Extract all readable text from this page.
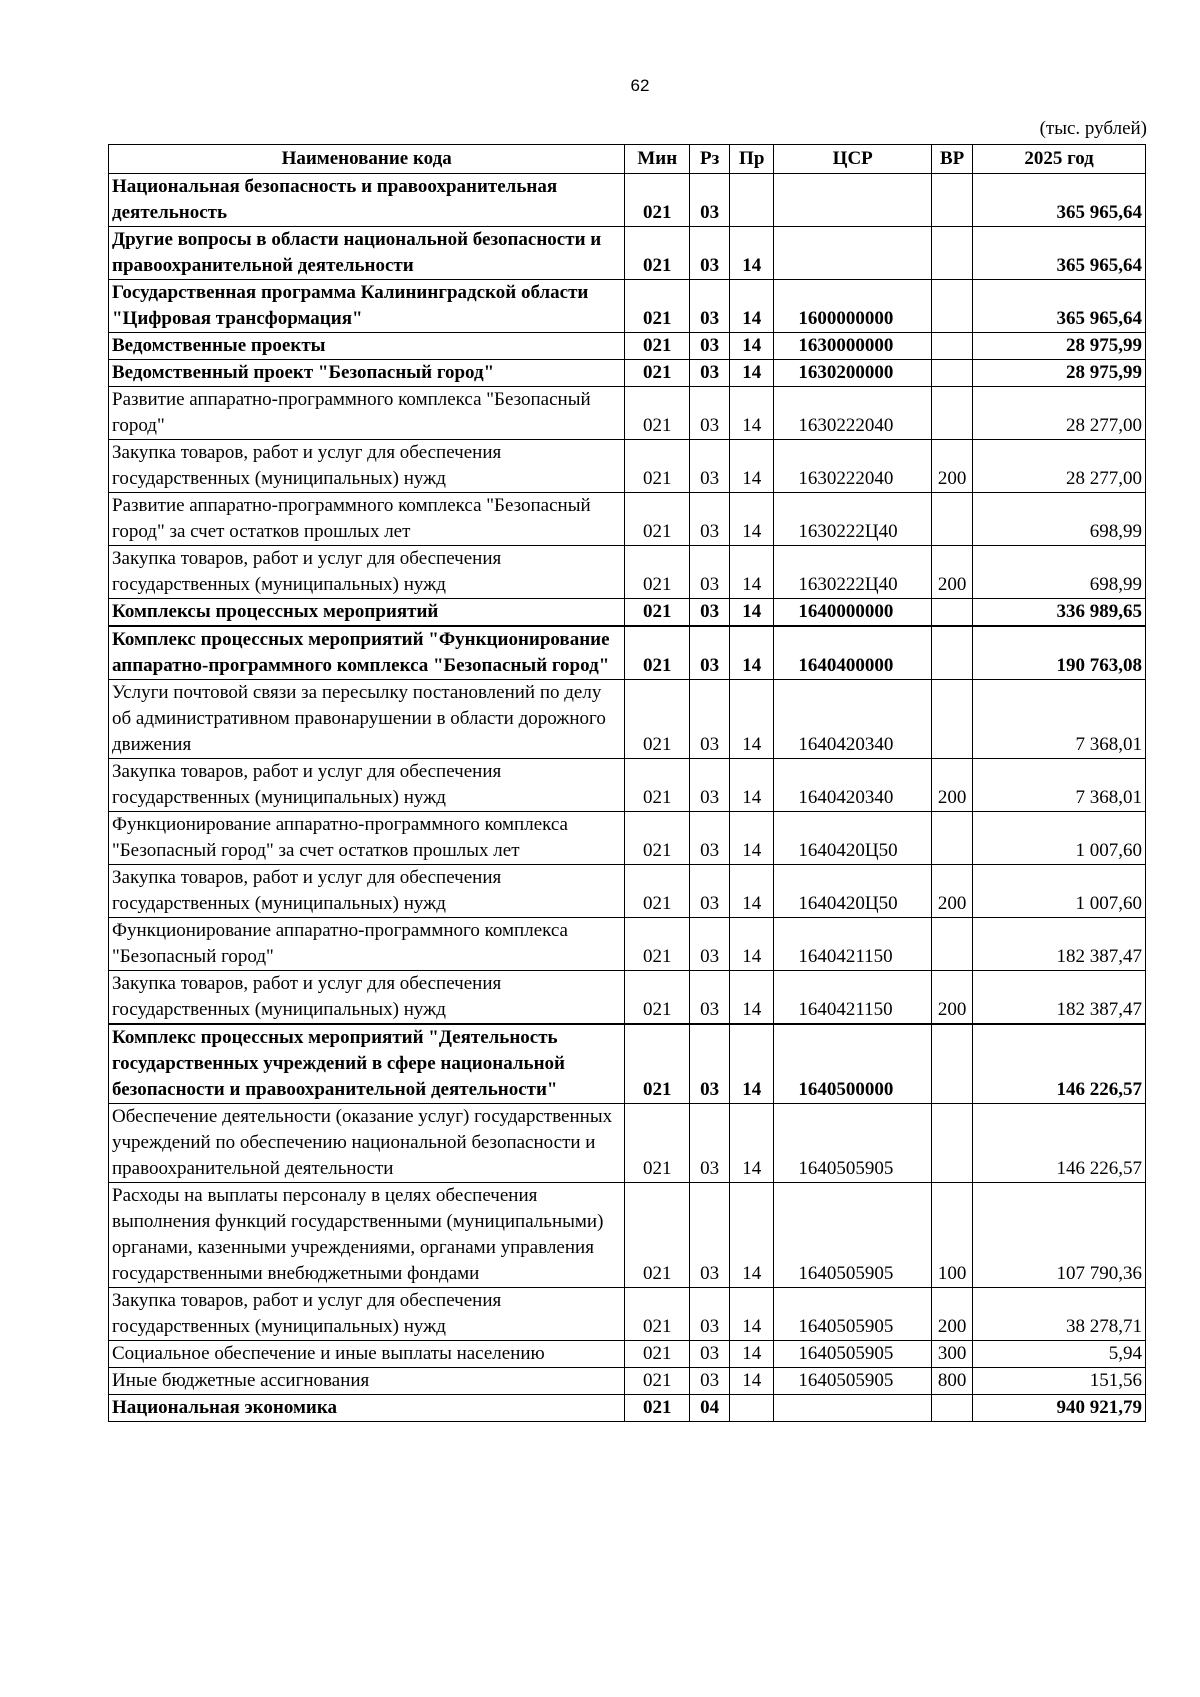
62
(тыс. рублей)
Наименование кода	Мин	Рз	Пр	ЦСР	ВР	2025 год
Национальная безопасность и правоохранительная деятельность	021	03				365 965,64
Другие вопросы в области национальной безопасности и правоохранительной деятельности	021	03	14			365 965,64
Государственная программа Калининградской области "Цифровая трансформация"	021	03	14	1600000000		365 965,64
Ведомственные проекты	021	03	14	1630000000		28 975,99
Ведомственный проект "Безопасный город"	021	03	14	1630200000		28 975,99
Развитие аппаратно-программного комплекса "Безопасный город"	021	03	14	1630222040		28 277,00
Закупка товаров, работ и услуг для обеспечения государственных (муниципальных) нужд	021	03	14	1630222040	200	28 277,00
Развитие аппаратно-программного комплекса "Безопасный город" за счет остатков прошлых лет	021	03	14	1630222Ц40		698,99
Закупка товаров, работ и услуг для обеспечения государственных (муниципальных) нужд	021	03	14	1630222Ц40	200	698,99
Комплексы процессных мероприятий	021	03	14	1640000000		336 989,65
Комплекс процессных мероприятий "Функционирование аппаратно-программного комплекса "Безопасный город"	021	03	14	1640400000		190 763,08
Услуги почтовой связи за пересылку постановлений по делу об административном правонарушении в области дорожного движения	021	03	14	1640420340		7 368,01
Закупка товаров, работ и услуг для обеспечения государственных (муниципальных) нужд	021	03	14	1640420340	200	7 368,01
Функционирование аппаратно-программного комплекса "Безопасный город" за счет остатков прошлых лет	021	03	14	1640420Ц50		1 007,60
Закупка товаров, работ и услуг для обеспечения государственных (муниципальных) нужд	021	03	14	1640420Ц50	200	1 007,60
Функционирование аппаратно-программного комплекса "Безопасный город"	021	03	14	1640421150		182 387,47
Закупка товаров, работ и услуг для обеспечения государственных (муниципальных) нужд	021	03	14	1640421150	200	182 387,47
Комплекс процессных мероприятий "Деятельность государственных учреждений в сфере национальной безопасности и правоохранительной деятельности"	021	03	14	1640500000		146 226,57
Обеспечение деятельности (оказание услуг) государственных учреждений по обеспечению национальной безопасности и правоохранительной деятельности	021	03	14	1640505905		146 226,57
Расходы на выплаты персоналу в целях обеспечения выполнения функций государственными (муниципальными) органами, казенными учреждениями, органами управления государственными внебюджетными фондами	021	03	14	1640505905	100	107 790,36
Закупка товаров, работ и услуг для обеспечения государственных (муниципальных) нужд	021	03	14	1640505905	200	38 278,71
Социальное обеспечение и иные выплаты населению	021	03	14	1640505905	300	5,94
Иные бюджетные ассигнования	021	03	14	1640505905	800	151,56
Национальная экономика	021	04				940 921,79
